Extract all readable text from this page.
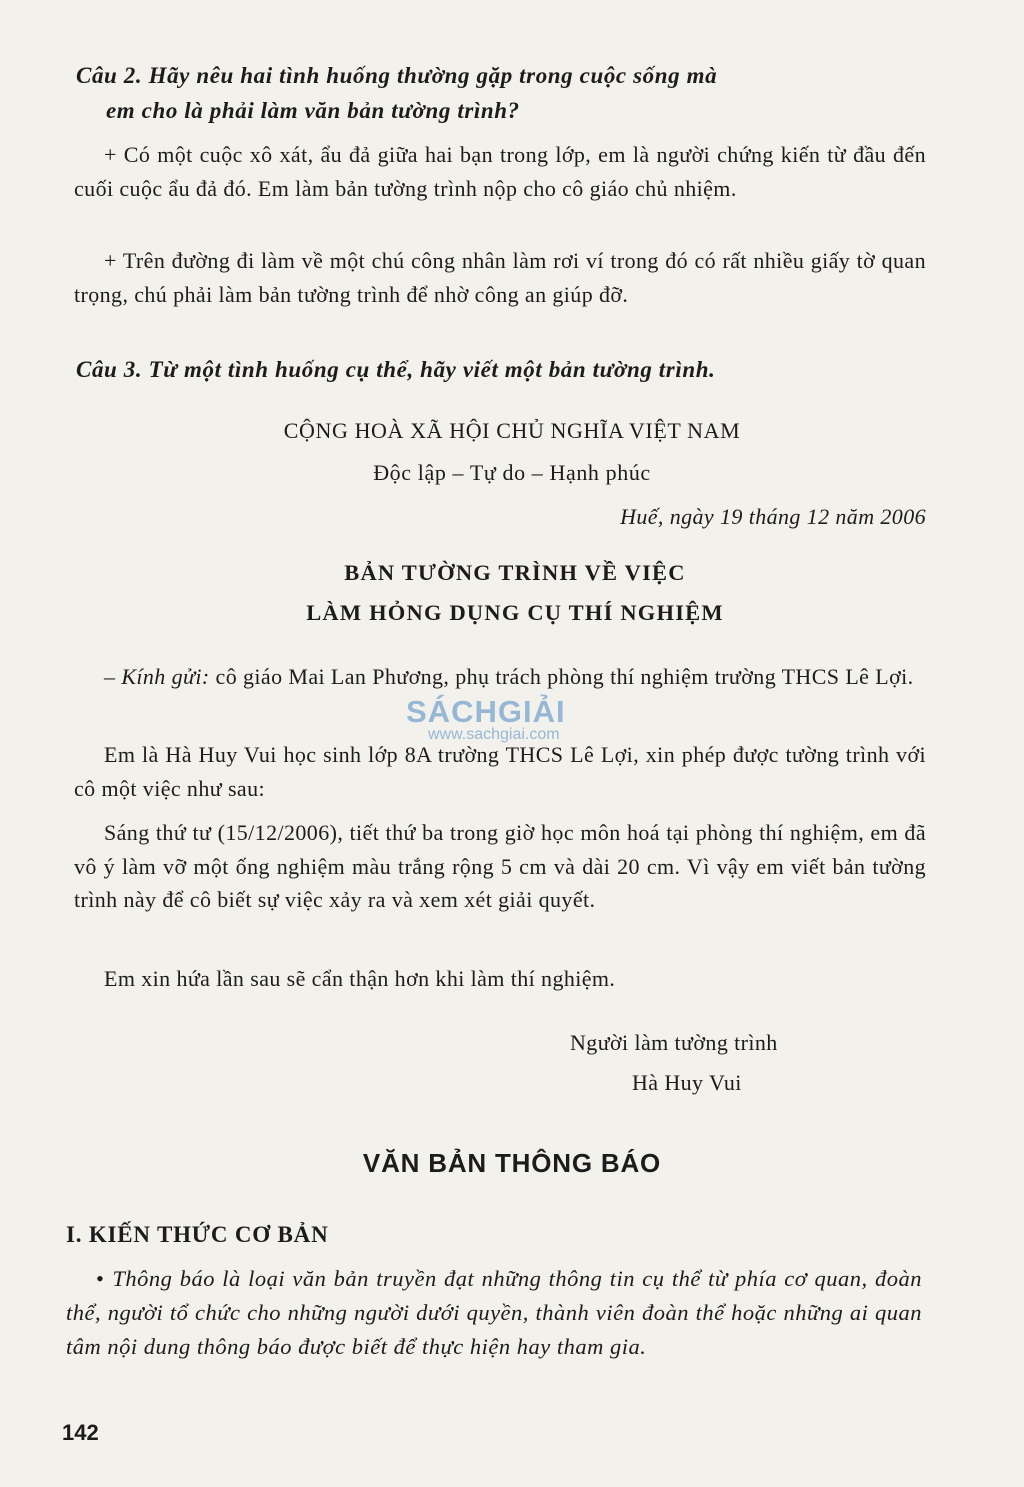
Câu 2. Hãy nêu hai tình huống thường gặp trong cuộc sống mà
em cho là phải làm văn bản tường trình?

+ Có một cuộc xô xát, ẩu đả giữa hai bạn trong lớp, em là người chứng kiến từ đầu đến cuối cuộc ẩu đả đó. Em làm bản tường trình nộp cho cô giáo chủ nhiệm.

+ Trên đường đi làm về một chú công nhân làm rơi ví trong đó có rất nhiều giấy tờ quan trọng, chú phải làm bản tường trình để nhờ công an giúp đỡ.

Câu 3. Từ một tình huống cụ thể, hãy viết một bản tường trình.
CỘNG HOÀ XÃ HỘI CHỦ NGHĨA VIỆT NAM
Độc lập – Tự do – Hạnh phúc
Huế, ngày 19 tháng 12 năm 2006
BẢN TƯỜNG TRÌNH VỀ VIỆC
LÀM HỎNG DỤNG CỤ THÍ NGHIỆM

– Kính gửi: cô giáo Mai Lan Phương, phụ trách phòng thí nghiệm trường THCS Lê Lợi.

Em là Hà Huy Vui học sinh lớp 8A trường THCS Lê Lợi, xin phép được tường trình với cô một việc như sau:

Sáng thứ tư (15/12/2006), tiết thứ ba trong giờ học môn hoá tại phòng thí nghiệm, em đã vô ý làm vỡ một ống nghiệm màu trắng rộng 5 cm và dài 20 cm. Vì vậy em viết bản tường trình này để cô biết sự việc xảy ra và xem xét giải quyết.

Em xin hứa lần sau sẽ cẩn thận hơn khi làm thí nghiệm.

Người làm tường trình
Hà Huy Vui
VĂN BẢN THÔNG BÁO
I. KIẾN THỨC CƠ BẢN

• Thông báo là loại văn bản truyền đạt những thông tin cụ thể từ phía cơ quan, đoàn thể, người tổ chức cho những người dưới quyền, thành viên đoàn thể hoặc những ai quan tâm nội dung thông báo được biết để thực hiện hay tham gia.

142
SÁCHGIẢI
www.sachgiai.com
